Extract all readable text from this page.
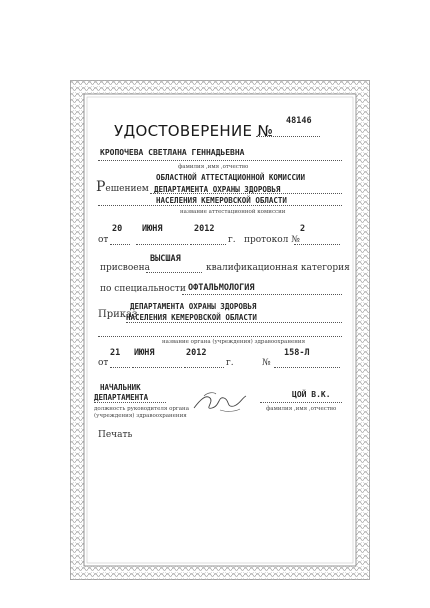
УДОСТОВЕРЕНИЕ №
48146
КРОПОЧЕВА СВЕТЛАНА ГЕННАДЬЕВНА
фамилия ,имя ,отчество
Решением
ОБЛАСТНОЙ АТТЕСТАЦИОННОЙ КОМИССИИ
ДЕПАРТАМЕНТА ОХРАНЫ ЗДОРОВЬЯ
НАСЕЛЕНИЯ КЕМЕРОВСКОЙ ОБЛАСТИ
название аттестационной комиссии
20 ИЮНЯ	2012	2
от	г. протокол №
ВЫСШАЯ
присвоена	квалификационная категория
по специальности ОФТАЛЬМОЛОГИЯ
Приказ
ДЕПАРТАМЕНТА ОХРАНЫ ЗДОРОВЬЯ
НАСЕЛЕНИЯ КЕМЕРОВСКОЙ ОБЛАСТИ
название органа (учреждения) здравоохранения
21 ИЮНЯ	2012	158-Л
от	г.	№
НАЧАЛЬНИК
ДЕПАРТАМЕНТА
должность руководителя органа
(учреждения) здравоохранения
ЦОЙ В.К.
фамилия ,имя ,отчество
Печать
